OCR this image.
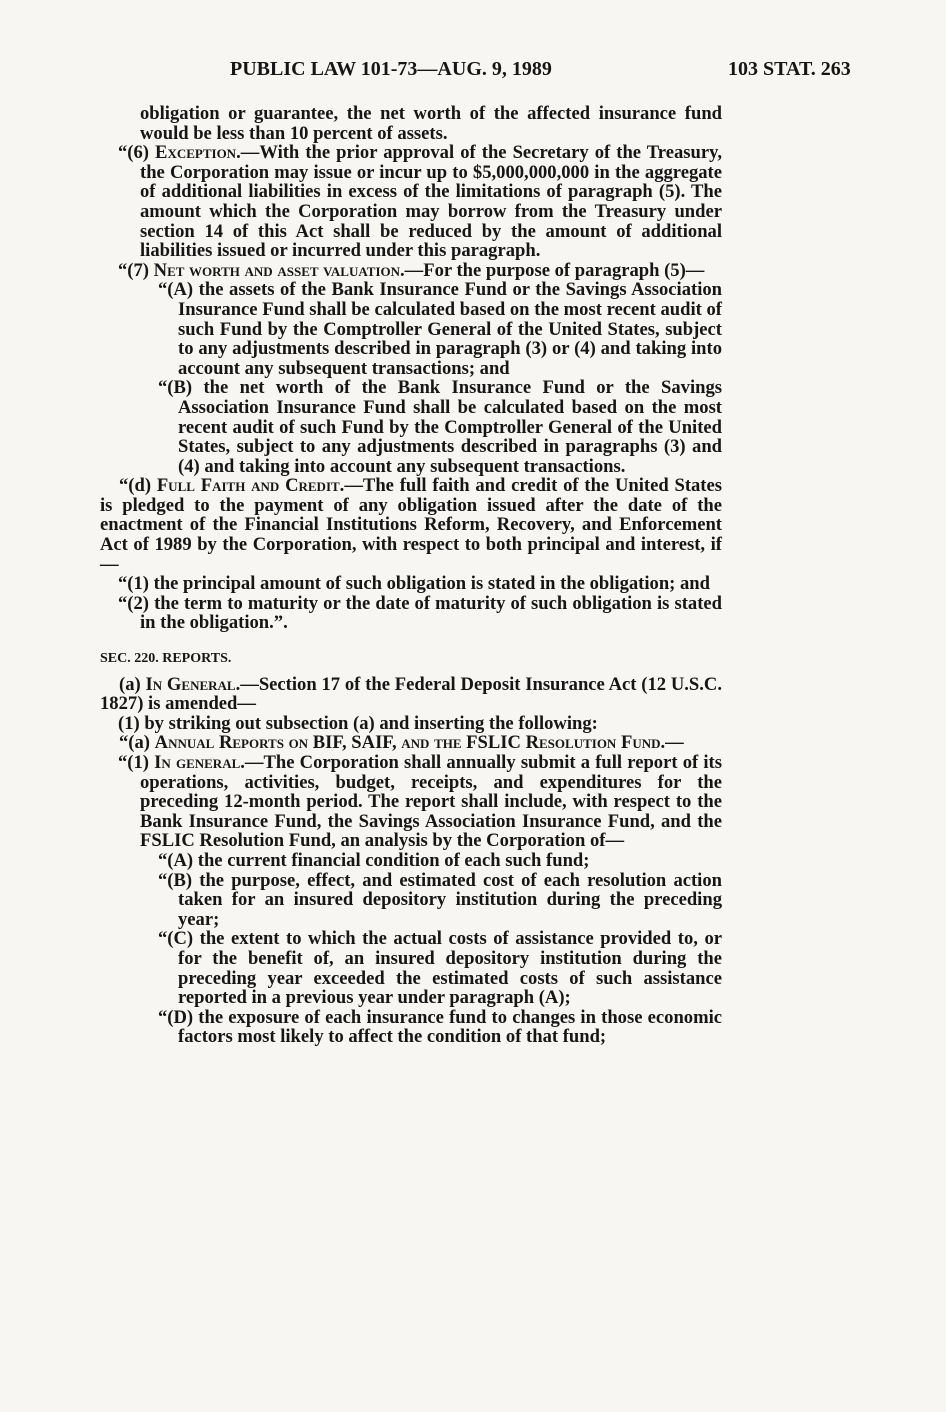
PUBLIC LAW 101-73—AUG. 9, 1989	103 STAT. 263

obligation or guarantee, the net worth of the affected insurance fund would be less than 10 percent of assets.

“(6) Exception.—With the prior approval of the Secretary of the Treasury, the Corporation may issue or incur up to $5,000,000,000 in the aggregate of additional liabilities in excess of the limitations of paragraph (5). The amount which the Corporation may borrow from the Treasury under section 14 of this Act shall be reduced by the amount of additional liabilities issued or incurred under this paragraph.

“(7) Net worth and asset valuation.—For the purpose of paragraph (5)—

“(A) the assets of the Bank Insurance Fund or the Savings Association Insurance Fund shall be calculated based on the most recent audit of such Fund by the Comptroller General of the United States, subject to any adjustments described in paragraph (3) or (4) and taking into account any subsequent transactions; and

“(B) the net worth of the Bank Insurance Fund or the Savings Association Insurance Fund shall be calculated based on the most recent audit of such Fund by the Comptroller General of the United States, subject to any adjustments described in paragraphs (3) and (4) and taking into account any subsequent transactions.

“(d) Full Faith and Credit.—The full faith and credit of the United States is pledged to the payment of any obligation issued after the date of the enactment of the Financial Institutions Reform, Recovery, and Enforcement Act of 1989 by the Corporation, with respect to both principal and interest, if—

“(1) the principal amount of such obligation is stated in the obligation; and

“(2) the term to maturity or the date of maturity of such obligation is stated in the obligation.”.

SEC. 220. REPORTS.

(a) In General.—Section 17 of the Federal Deposit Insurance Act (12 U.S.C. 1827) is amended—

(1) by striking out subsection (a) and inserting the following:

“(a) Annual Reports on BIF, SAIF, and the FSLIC Resolution Fund.—

“(1) In general.—The Corporation shall annually submit a full report of its operations, activities, budget, receipts, and expenditures for the preceding 12-month period. The report shall include, with respect to the Bank Insurance Fund, the Savings Association Insurance Fund, and the FSLIC Resolution Fund, an analysis by the Corporation of—

“(A) the current financial condition of each such fund;

“(B) the purpose, effect, and estimated cost of each resolution action taken for an insured depository institution during the preceding year;

“(C) the extent to which the actual costs of assistance provided to, or for the benefit of, an insured depository institution during the preceding year exceeded the estimated costs of such assistance reported in a previous year under paragraph (A);

“(D) the exposure of each insurance fund to changes in those economic factors most likely to affect the condition of that fund;
